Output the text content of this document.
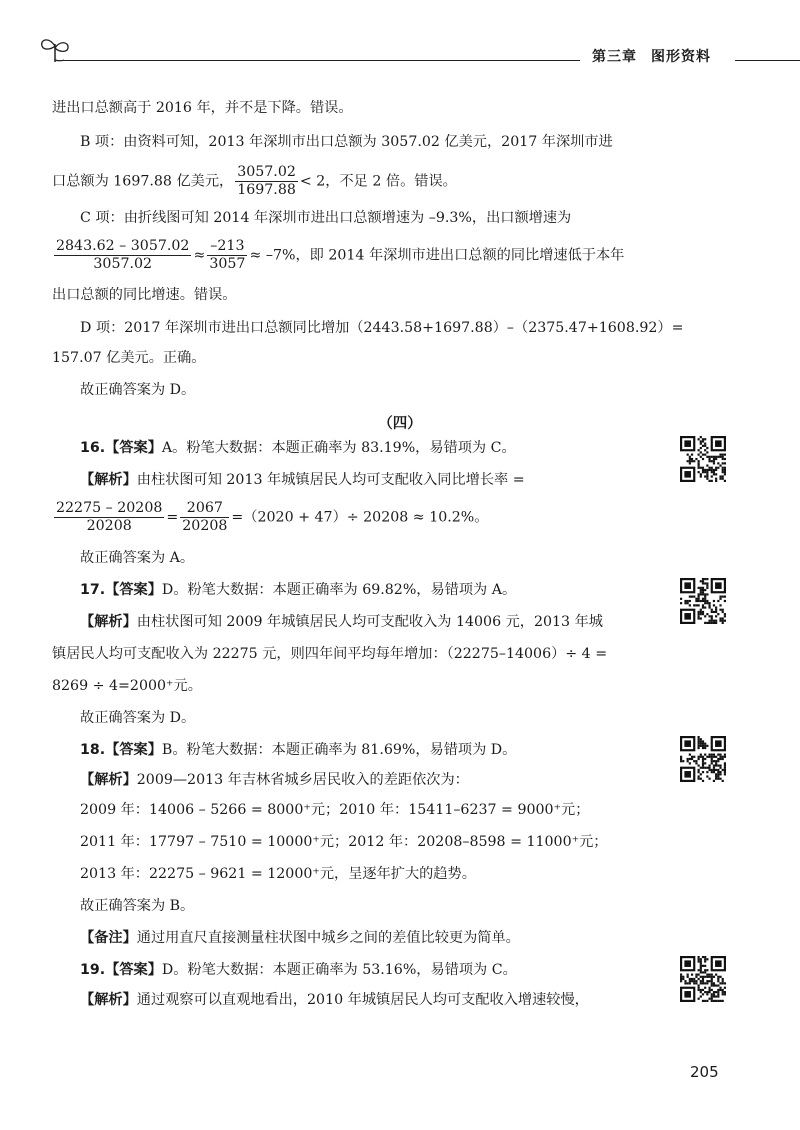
第三章 图形资料
进出口总额高于 2016 年，并不是下降。错误。
B 项：由资料可知，2013 年深圳市出口总额为 3057.02 亿美元，2017 年深圳市进
口总额为 1697.88 亿美元， $\frac{3057.02}{1697.88} < 2$，不足 2 倍。错误。
C 项：由折线图可知 2014 年深圳市进出口总额增速为 –9.3%，出口额增速为
$\frac{2843.62 - 3057.02}{3057.02} \approx \frac{-213}{3057} \approx -7\%$，即 2014 年深圳市进出口总额的同比增速低于本年
出口总额的同比增速。错误。
D 项：2017 年深圳市进出口总额同比增加（2443.58+1697.88）–（2375.47+1608.92）=
157.07 亿美元。正确。
故正确答案为 D。
（四）
16.【答案】A。粉笔大数据：本题正确率为 83.19%，易错项为 C。
【解析】由柱状图可知 2013 年城镇居民人均可支配收入同比增长率 =
$\frac{22275 - 20208}{20208} = \frac{2067}{20208} =(2020 + 47)\div 20208 \approx 10.2\%$。
故正确答案为 A。
17.【答案】D。粉笔大数据：本题正确率为 69.82%，易错项为 A。
【解析】由柱状图可知 2009 年城镇居民人均可支配收入为 14006 元，2013 年城
镇居民人均可支配收入为 22275 元，则四年间平均每年增加：（22275–14006）÷ 4 =
8269 ÷ 4=2000⁺元。
故正确答案为 D。
18.【答案】B。粉笔大数据：本题正确率为 81.69%，易错项为 D。
【解析】2009—2013 年吉林省城乡居民收入的差距依次为：
2009 年：14006 – 5266 = 8000⁺元；2010 年：15411–6237 = 9000⁺元；
2011 年：17797 – 7510 = 10000⁺元；2012 年：20208–8598 = 11000⁺元；
2013 年：22275 – 9621 = 12000⁺元，呈逐年扩大的趋势。
故正确答案为 B。
【备注】通过用直尺直接测量柱状图中城乡之间的差值比较更为简单。
19.【答案】D。粉笔大数据：本题正确率为 53.16%，易错项为 C。
【解析】通过观察可以直观地看出，2010 年城镇居民人均可支配收入增速较慢，
205
